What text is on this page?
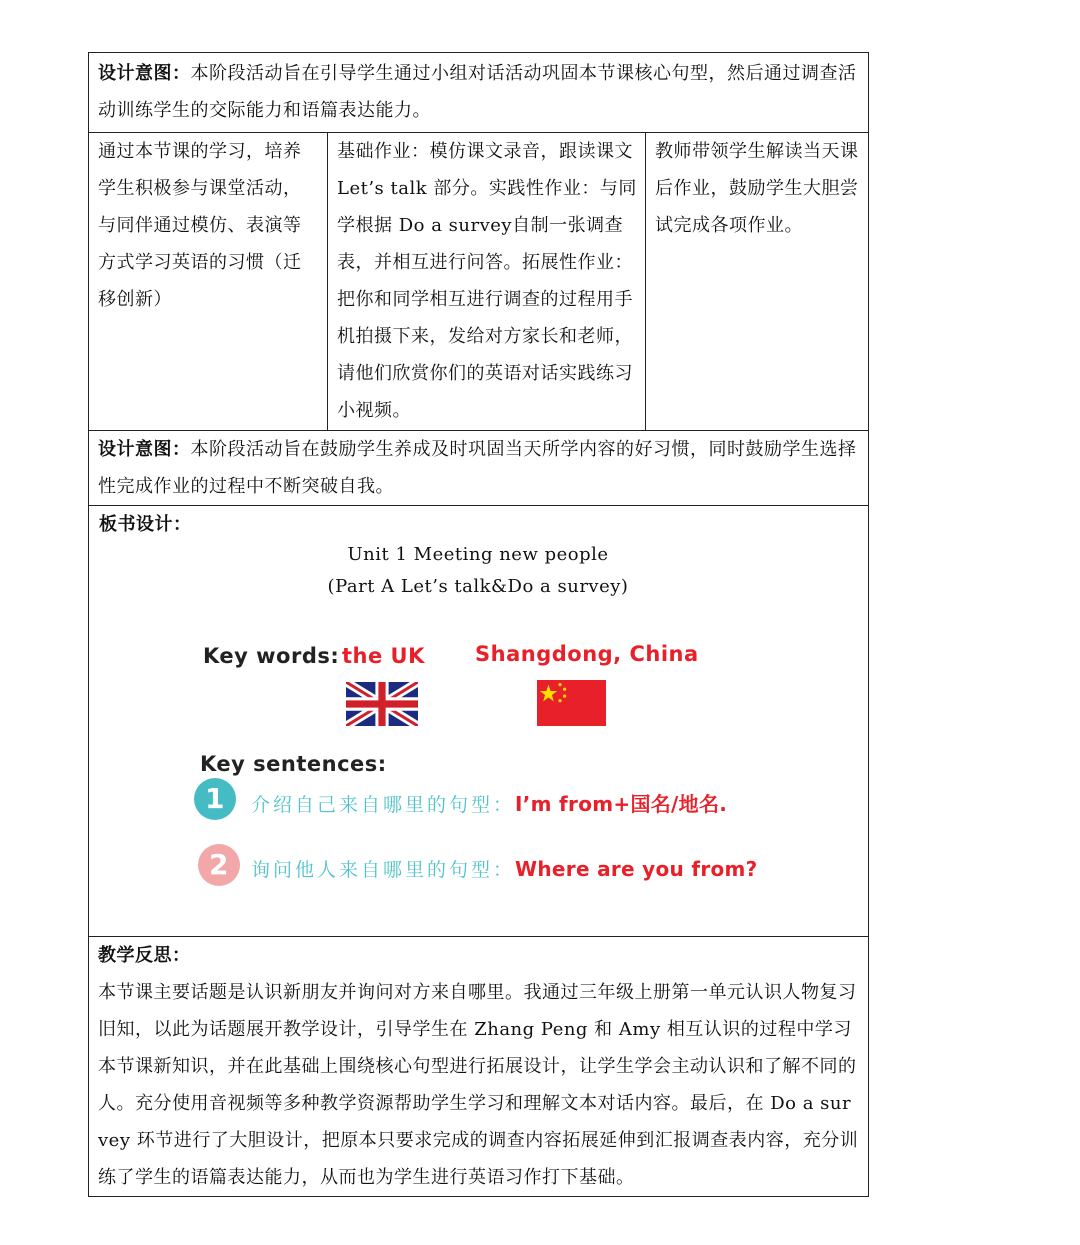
设计意图：本阶段活动旨在引导学生通过小组对话活动巩固本节课核心句型，然后通过调查活动训练学生的交际能力和语篇表达能力。
通过本节课的学习，培养学生积极参与课堂活动，与同伴通过模仿、表演等方式学习英语的习惯（迁移创新）	基础作业：模仿课文录音，跟读课文Let’s talk 部分。实践性作业：与同学根据 Do a survey自制一张调查表，并相互进行问答。拓展性作业：把你和同学相互进行调查的过程用手机拍摄下来，发给对方家长和老师，请他们欣赏你们的英语对话实践练习小视频。	教师带领学生解读当天课后作业，鼓励学生大胆尝试完成各项作业。
设计意图：本阶段活动旨在鼓励学生养成及时巩固当天所学内容的好习惯，同时鼓励学生选择性完成作业的过程中不断突破自我。

板书设计：
Unit 1 Meeting new people
(Part A Let’s talk&Do a survey)
Key words: the UK Shangdong, China
Key sentences:
1	介绍自己来自哪里的句型：I’m from+国名/地名.
2	询问他人来自哪里的句型：Where are you from?

教学反思：
本节课主要话题是认识新朋友并询问对方来自哪里。我通过三年级上册第一单元认识人物复习旧知，以此为话题展开教学设计，引导学生在 Zhang Peng 和 Amy 相互认识的过程中学习本节课新知识，并在此基础上围绕核心句型进行拓展设计，让学生学会主动认识和了解不同的人。充分使用音视频等多种教学资源帮助学生学习和理解文本对话内容。最后，在 Do a survey 环节进行了大胆设计，把原本只要求完成的调查内容拓展延伸到汇报调查表内容，充分训练了学生的语篇表达能力，从而也为学生进行英语习作打下基础。
